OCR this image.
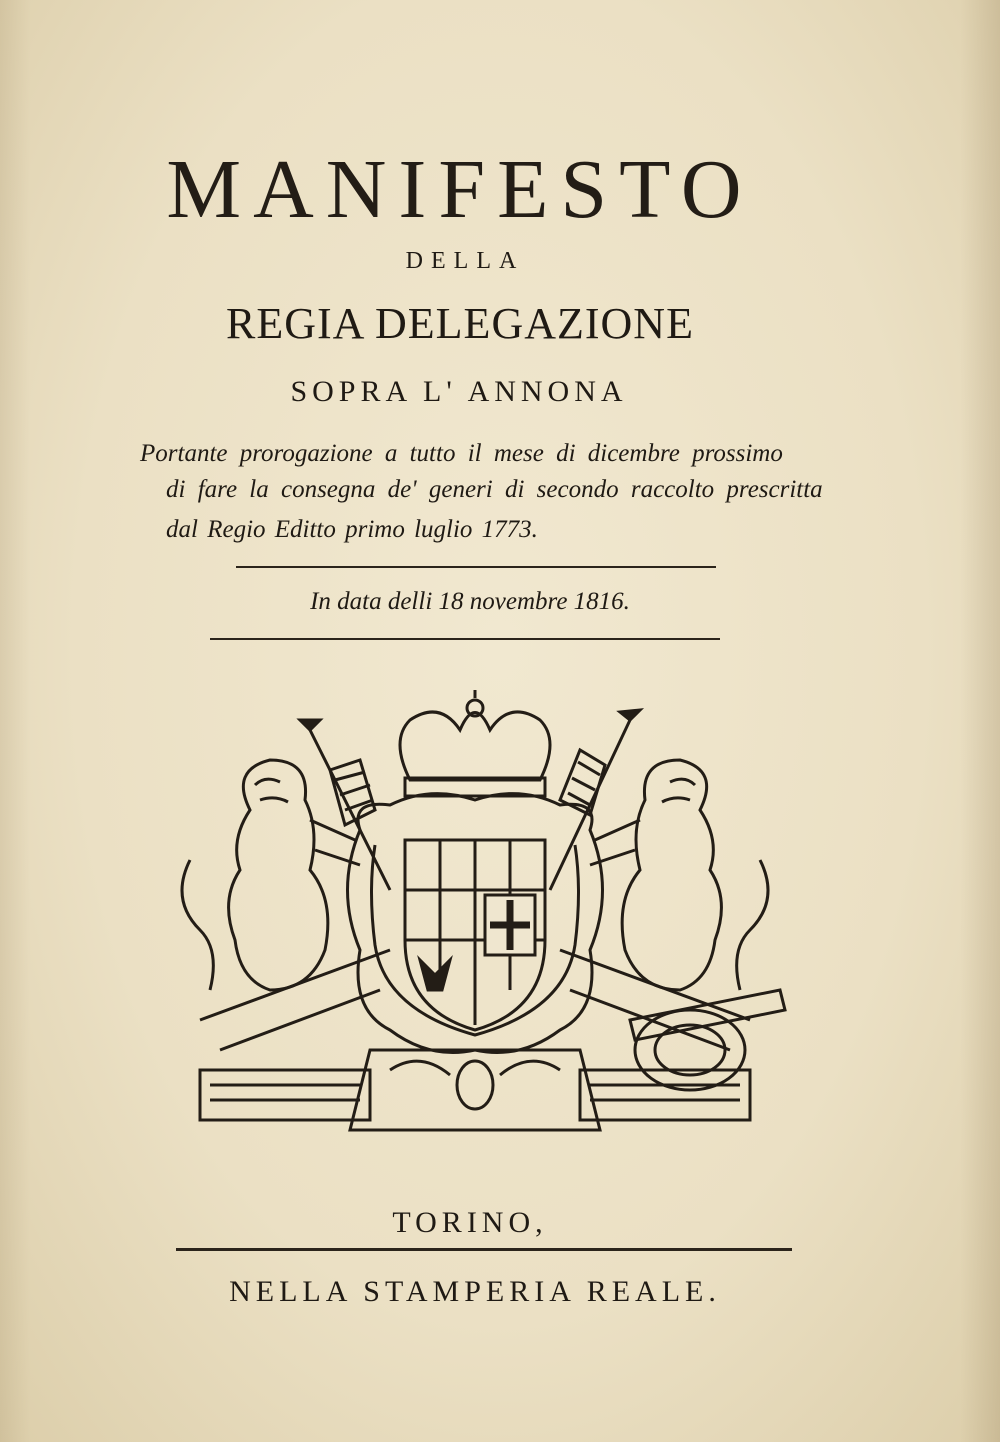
MANIFESTO
DELLA
REGIA DELEGAZIONE
SOPRA L' ANNONA
Portante prorogazione a tutto il mese di dicembre prossimo
di fare la consegna de' generi di secondo raccolto prescritta
dal Regio Editto primo luglio 1773.
In data delli 18 novembre 1816.
TORINO,
NELLA STAMPERIA REALE.
